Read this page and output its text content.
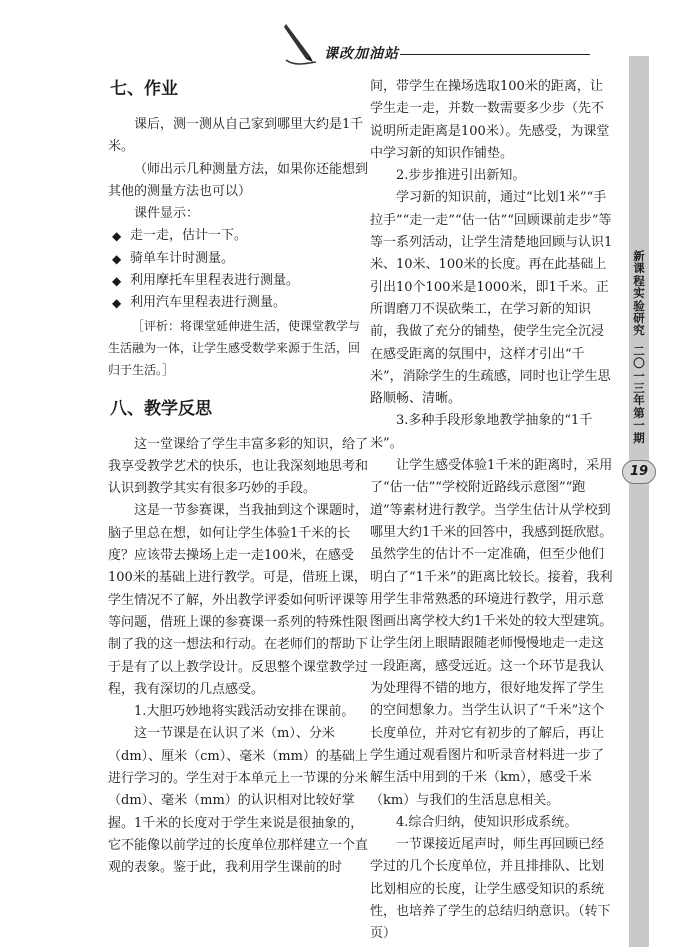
课改加油站
新课程实验研究
二〇一三年 第一期
19

七、作业

课后，测一测从自己家到哪里大约是1千米。

（师出示几种测量方法，如果你还能想到其他的测量方法也可以）

课件显示：

◆ 走一走，估计一下。

◆ 骑单车计时测量。

◆ 利用摩托车里程表进行测量。

◆ 利用汽车里程表进行测量。

［评析：将课堂延伸进生活，使课堂教学与生活融为一体，让学生感受数学来源于生活，回归于生活。］

八、教学反思

这一堂课给了学生丰富多彩的知识，给了我享受教学艺术的快乐，也让我深刻地思考和认识到教学其实有很多巧妙的手段。

这是一节参赛课，当我抽到这个课题时，脑子里总在想，如何让学生体验1千米的长度？应该带去操场上走一走100米，在感受100米的基础上进行教学。可是，借班上课，学生情况不了解，外出教学评委如何听评课等等问题，借班上课的参赛课一系列的特殊性限制了我的这一想法和行动。在老师们的帮助下于是有了以上教学设计。反思整个课堂教学过程，我有深切的几点感受。

1.大胆巧妙地将实践活动安排在课前。

这一节课是在认识了米（m）、分米（dm）、厘米（cm）、毫米（mm）的基础上进行学习的。学生对于本单元上一节课的分米（dm）、毫米（mm）的认识相对比较好掌握。1千米的长度对于学生来说是很抽象的，它不能像以前学过的长度单位那样建立一个直观的表象。鉴于此，我利用学生课前的时

间，带学生在操场选取100米的距离，让学生走一走，并数一数需要多少步（先不说明所走距离是100米）。先感受，为课堂中学习新的知识作铺垫。

2.步步推进引出新知。

学习新的知识前，通过“比划1米”“手拉手”“走一走”“估一估”“回顾课前走步”等等一系列活动，让学生清楚地回顾与认识1米、10米、100米的长度。再在此基础上引出10个100米是1000米，即1千米。正所谓磨刀不误砍柴工，在学习新的知识前，我做了充分的铺垫，使学生完全沉浸在感受距离的氛围中，这样才引出“千米”，消除学生的生疏感，同时也让学生思路顺畅、清晰。

3.多种手段形象地教学抽象的“1千米”。

让学生感受体验1千米的距离时，采用了“估一估”“学校附近路线示意图”“跑道”等素材进行教学。当学生估计从学校到哪里大约1千米的回答中，我感到挺欣慰。虽然学生的估计不一定准确，但至少他们明白了“1千米”的距离比较长。接着，我利用学生非常熟悉的环境进行教学，用示意图画出离学校大约1千米处的较大型建筑。让学生闭上眼睛跟随老师慢慢地走一走这一段距离，感受远近。这一个环节是我认为处理得不错的地方，很好地发挥了学生的空间想象力。当学生认识了“千米”这个长度单位，并对它有初步的了解后，再让学生通过观看图片和听录音材料进一步了解生活中用到的千米（km），感受千米（km）与我们的生活息息相关。

4.综合归纳，使知识形成系统。

一节课接近尾声时，师生再回顾已经学过的几个长度单位，并且排排队、比划比划相应的长度，让学生感受知识的系统性，也培养了学生的总结归纳意识。（转下页）
